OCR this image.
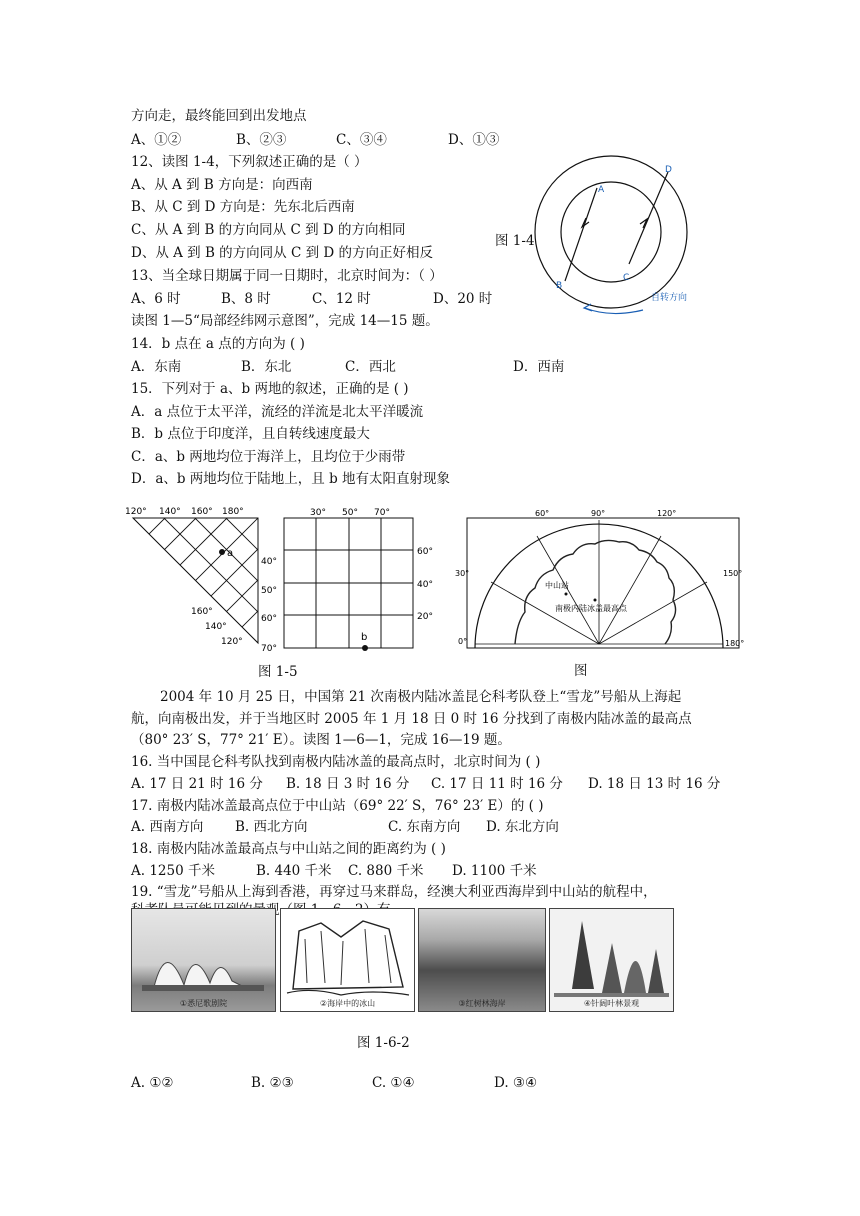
方向走，最终能回到出发地点
A、①②	B、②③	C、③④	D、①③
12、读图 1-4，下列叙述正确的是（ ）
A、从 A 到 B 方向是：向西南
B、从 C 到 D 方向是：先东北后西南
C、从 A 到 B 的方向同从 C 到 D 的方向相同
D、从 A 到 B 的方向同从 C 到 D 的方向正好相反
图 1-4
A
B
C
D
自转方向
13、当全球日期属于同一日期时，北京时间为：（ ）
A、6 时	B、8 时	C、12 时	D、20 时
读图 1—5“局部经纬网示意图”，完成 14—15 题。
14．b 点在 a 点的方向为 ( )
A．东南	B．东北	C．西北	D．西南
15．下列对于 a、b 两地的叙述，正确的是 ( )
A．a 点位于太平洋，流经的洋流是北太平洋暖流
B．b 点位于印度洋，且自转线速度最大
C．a、b 两地均位于海洋上，且均位于少雨带
D．a、b 两地均位于陆地上，且 b 地有太阳直射现象
a
120° 140° 160° 180°
40°
50°
60°
70°
160°
140°
120°	b
30° 50° 70°
60°
40°
20°
图 1-5
中山站
南极内陆冰盖最高点
60°	90°	120°
30°	150°
0°	180°
图
2004 年 10 月 25 日，中国第 21 次南极内陆冰盖昆仑科考队登上“雪龙”号船从上海起
航，向南极出发，并于当地区时 2005 年 1 月 18 日 0 时 16 分找到了南极内陆冰盖的最高点
（80° 23′ S，77° 21′ E）。读图 1—6—1，完成 16—19 题。
16. 当中国昆仑科考队找到南极内陆冰盖的最高点时，北京时间为 ( )
A. 17 日 21 时 16 分 B. 18 日 3 时 16 分 C. 17 日 11 时 16 分 D. 18 日 13 时 16 分
17. 南极内陆冰盖最高点位于中山站（69° 22′ S，76° 23′ E）的 ( )
A. 西南方向 B. 西北方向	C. 东南方向 D. 东北方向
18. 南极内陆冰盖最高点与中山站之间的距离约为 ( )
A. 1250 千米	B. 440 千米 C. 880 千米 D. 1100 千米
19. “雪龙”号船从上海到香港，再穿过马来群岛，经澳大利亚西海岸到中山站的航程中，
①悉尼歌剧院	②海岸中的冰山	③红树林海岸	④针阔叶林景观
图 1-6-2
A. ①②	B. ②③	C. ①④	D. ③④
